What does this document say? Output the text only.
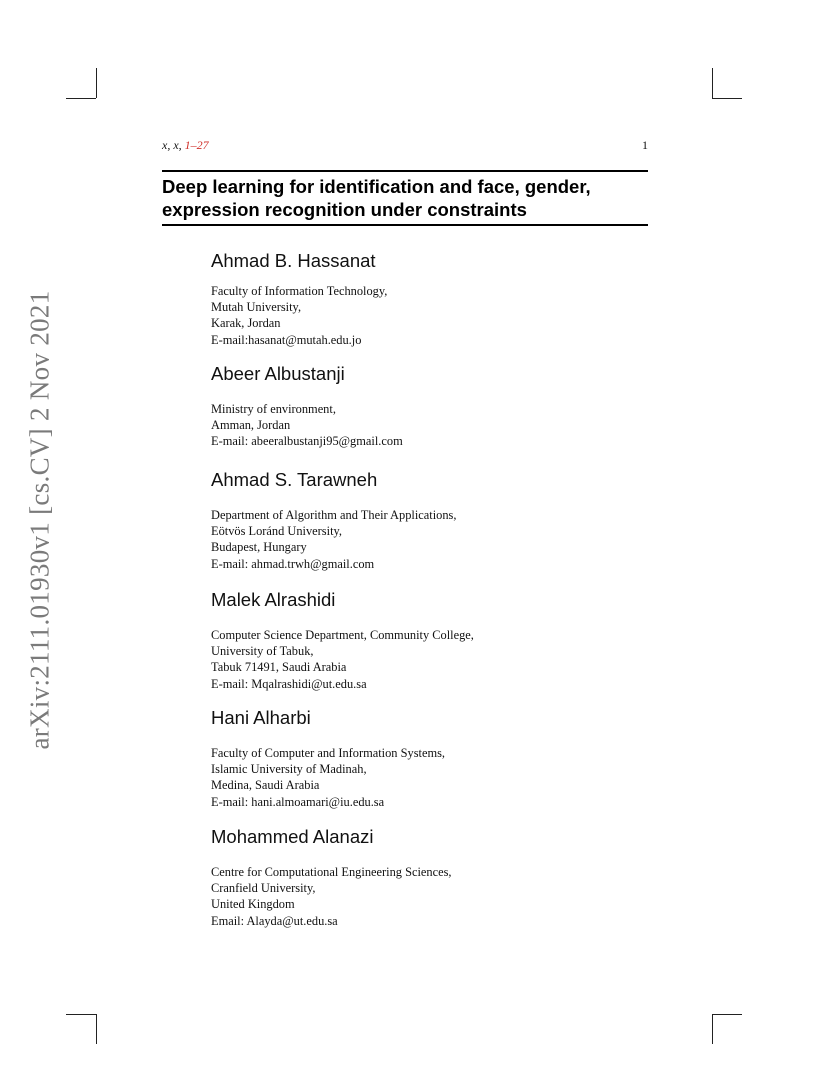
arXiv:2111.01930v1 [cs.CV] 2 Nov 2021
x, x, 1–27	1
Deep learning for identification and face, gender,
expression recognition under constraints

Ahmad B. Hassanat

Faculty of Information Technology,

Mutah University,

Karak, Jordan

E-mail:hasanat@mutah.edu.jo

Abeer Albustanji

Ministry of environment,

Amman, Jordan

E-mail: abeeralbustanji95@gmail.com

Ahmad S. Tarawneh

Department of Algorithm and Their Applications,

Eötvös Loránd University,

Budapest, Hungary

E-mail: ahmad.trwh@gmail.com

Malek Alrashidi

Computer Science Department, Community College,

University of Tabuk,

Tabuk 71491, Saudi Arabia

E-mail: Mqalrashidi@ut.edu.sa

Hani Alharbi

Faculty of Computer and Information Systems,

Islamic University of Madinah,

Medina, Saudi Arabia

E-mail: hani.almoamari@iu.edu.sa

Mohammed Alanazi

Centre for Computational Engineering Sciences,

Cranfield University,

United Kingdom

Email: Alayda@ut.edu.sa
